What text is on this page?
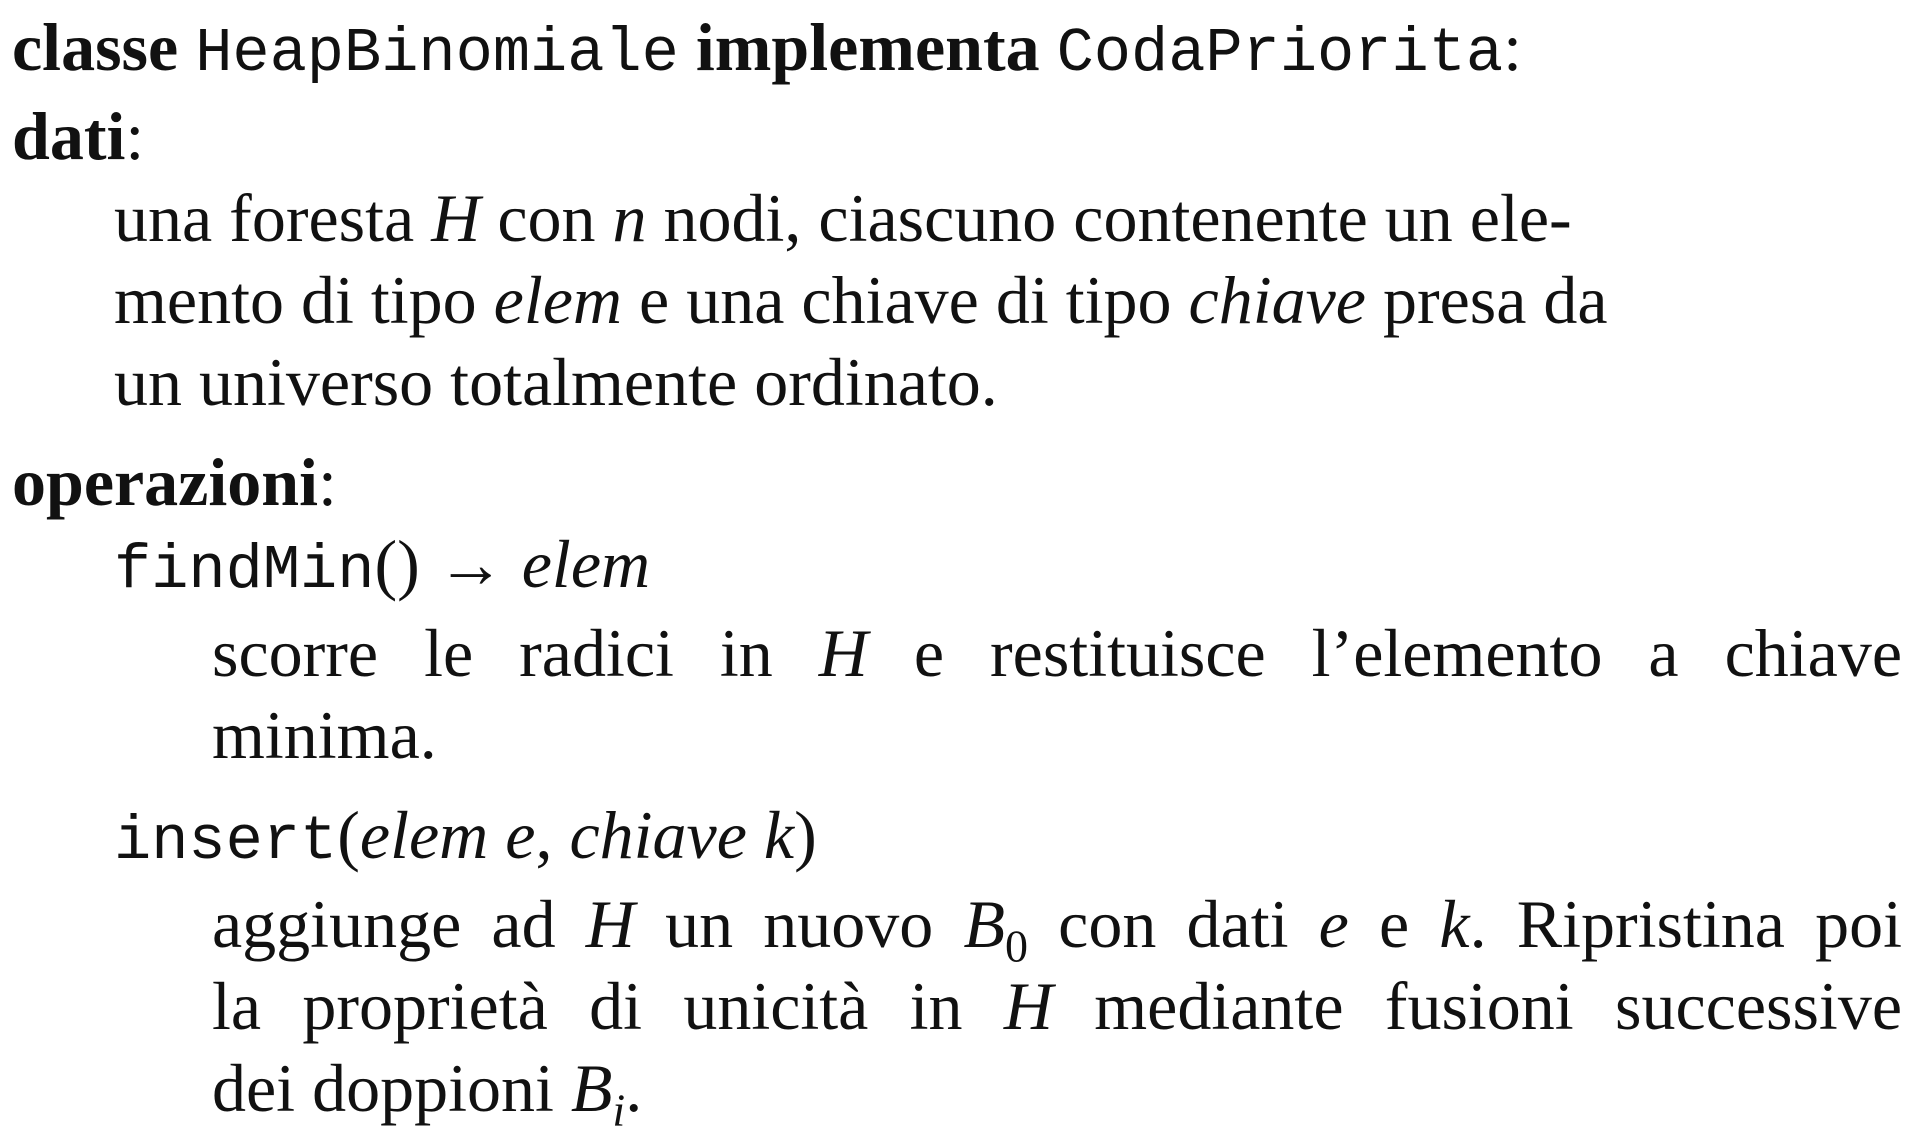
classe HeapBinomiale implementa CodaPriorita:
dati:
una foresta H con n nodi, ciascuno contenente un ele-
mento di tipo elem e una chiave di tipo chiave presa da
un universo totalmente ordinato.
operazioni:
findMin() → elem
scorre le radici in H e restituisce l’elemento a chiave
minima.
insert(elem e, chiave k)
aggiunge ad H un nuovo $B_0$ con dati e e k. Ripristina poi
la proprietà di unicità in H mediante fusioni successive
dei doppioni $B_i$.
